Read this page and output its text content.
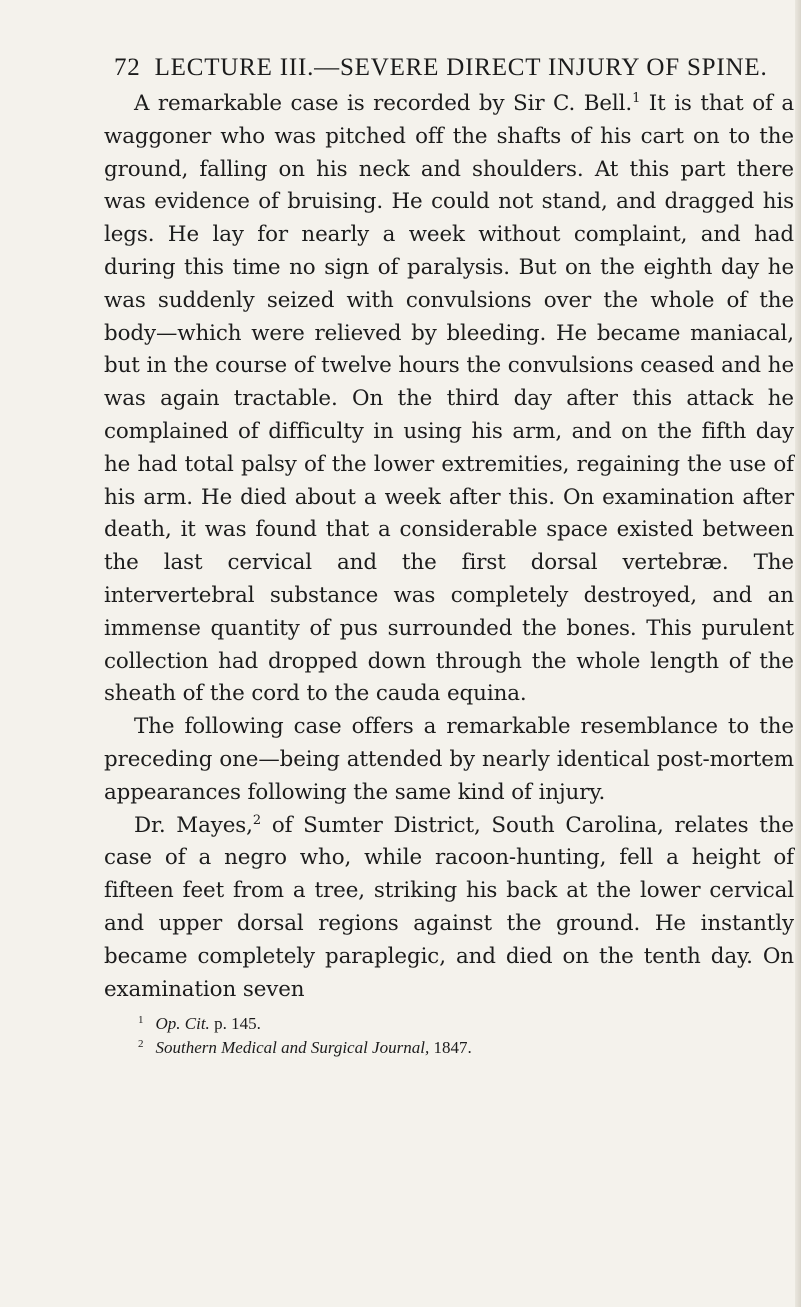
72 LECTURE III.—SEVERE DIRECT INJURY OF SPINE.

A remarkable case is recorded by Sir C. Bell.$^1$ It is that of a waggoner who was pitched off the shafts of his cart on to the ground, falling on his neck and shoulders. At this part there was evidence of bruising. He could not stand, and dragged his legs. He lay for nearly a week without complaint, and had during this time no sign of paralysis. But on the eighth day he was suddenly seized with convulsions over the whole of the body—which were relieved by bleeding. He became maniacal, but in the course of twelve hours the convulsions ceased and he was again tractable. On the third day after this attack he complained of difficulty in using his arm, and on the fifth day he had total palsy of the lower extremities, regaining the use of his arm. He died about a week after this. On examination after death, it was found that a considerable space existed between the last cervical and the first dorsal vertebræ. The intervertebral substance was completely destroyed, and an immense quantity of pus surrounded the bones. This purulent collection had dropped down through the whole length of the sheath of the cord to the cauda equina.

The following case offers a remarkable resemblance to the preceding one—being attended by nearly identical post-mortem appearances following the same kind of injury.

Dr. Mayes,$^2$ of Sumter District, South Carolina, relates the case of a negro who, while racoon-hunting, fell a height of fifteen feet from a tree, striking his back at the lower cervical and upper dorsal regions against the ground. He instantly became completely paraplegic, and died on the tenth day. On examination seven

$^1$ Op. Cit. p. 145.
$^2$ Southern Medical and Surgical Journal, 1847.
